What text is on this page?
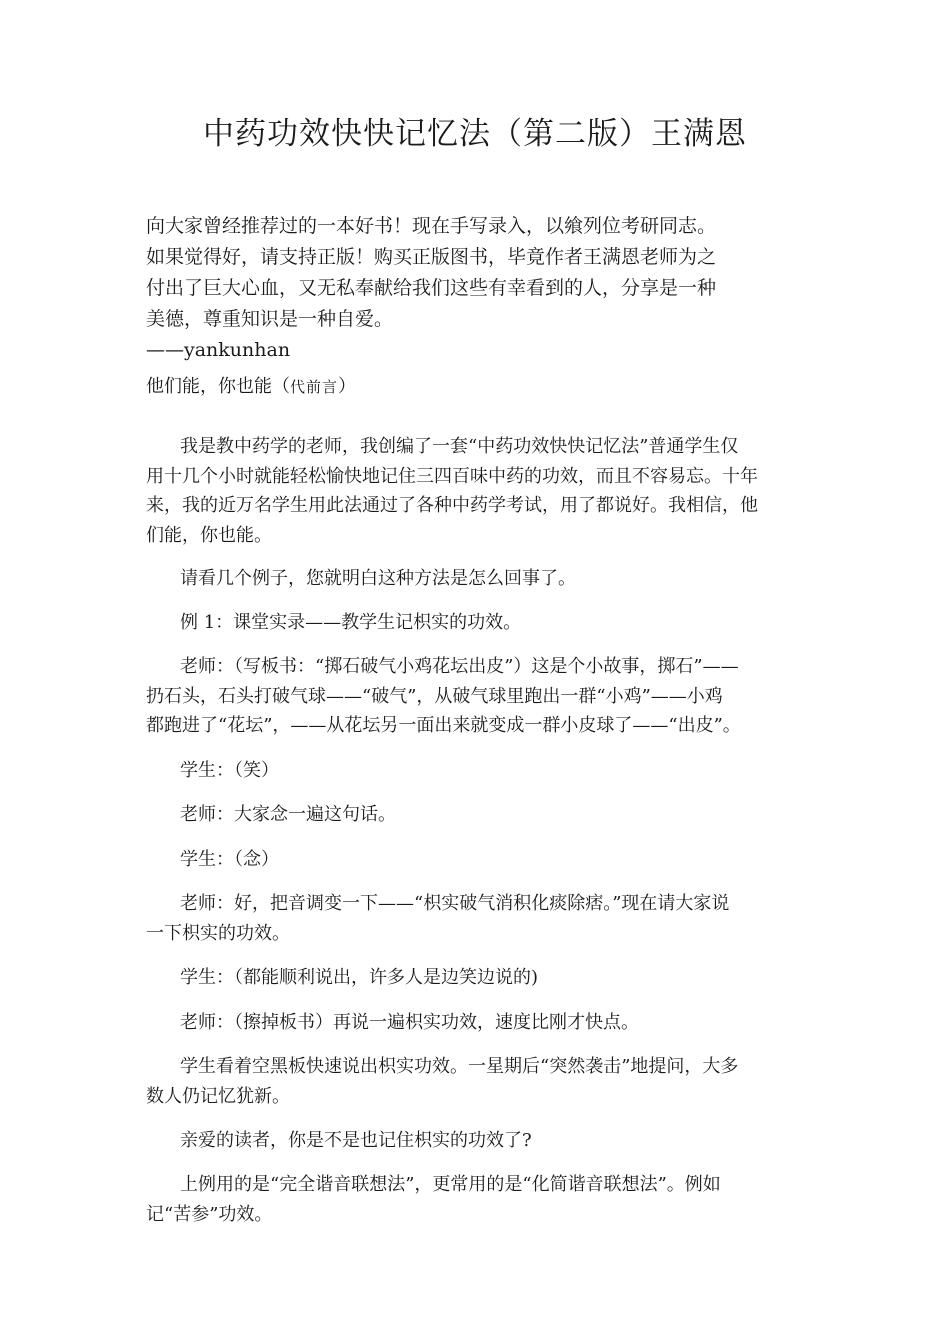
中药功效快快记忆法（第二版）王满恩
向大家曾经推荐过的一本好书！现在手写录入，以飨列位考研同志。
如果觉得好，请支持正版！购买正版图书，毕竟作者王满恩老师为之
付出了巨大心血，又无私奉献给我们这些有幸看到的人，分享是一种
美德，尊重知识是一种自爱。
——yankunhan
他们能，你也能（代前言）
我是教中药学的老师，我创编了一套“中药功效快快记忆法”普通学生仅
用十几个小时就能轻松愉快地记住三四百味中药的功效，而且不容易忘。十年
来，我的近万名学生用此法通过了各种中药学考试，用了都说好。我相信，他
们能，你也能。
请看几个例子，您就明白这种方法是怎么回事了。
例 1：课堂实录——教学生记枳实的功效。
老师：（写板书：“掷石破气小鸡花坛出皮”）这是个小故事，掷石”——
扔石头，石头打破气球——“破气”，从破气球里跑出一群“小鸡”——小鸡
都跑进了“花坛”，——从花坛另一面出来就变成一群小皮球了——“出皮”。
学生：（笑）
老师：大家念一遍这句话。
学生：（念）
老师：好，把音调变一下——“枳实破气消积化痰除痞。”现在请大家说
一下枳实的功效。
学生：（都能顺利说出，许多人是边笑边说的)
老师：（擦掉板书）再说一遍枳实功效，速度比刚才快点。
学生看着空黑板快速说出枳实功效。一星期后“突然袭击”地提问，大多
数人仍记忆犹新。
亲爱的读者，你是不是也记住枳实的功效了?
上例用的是“完全谐音联想法”，更常用的是“化简谐音联想法”。例如
记“苦参”功效。
